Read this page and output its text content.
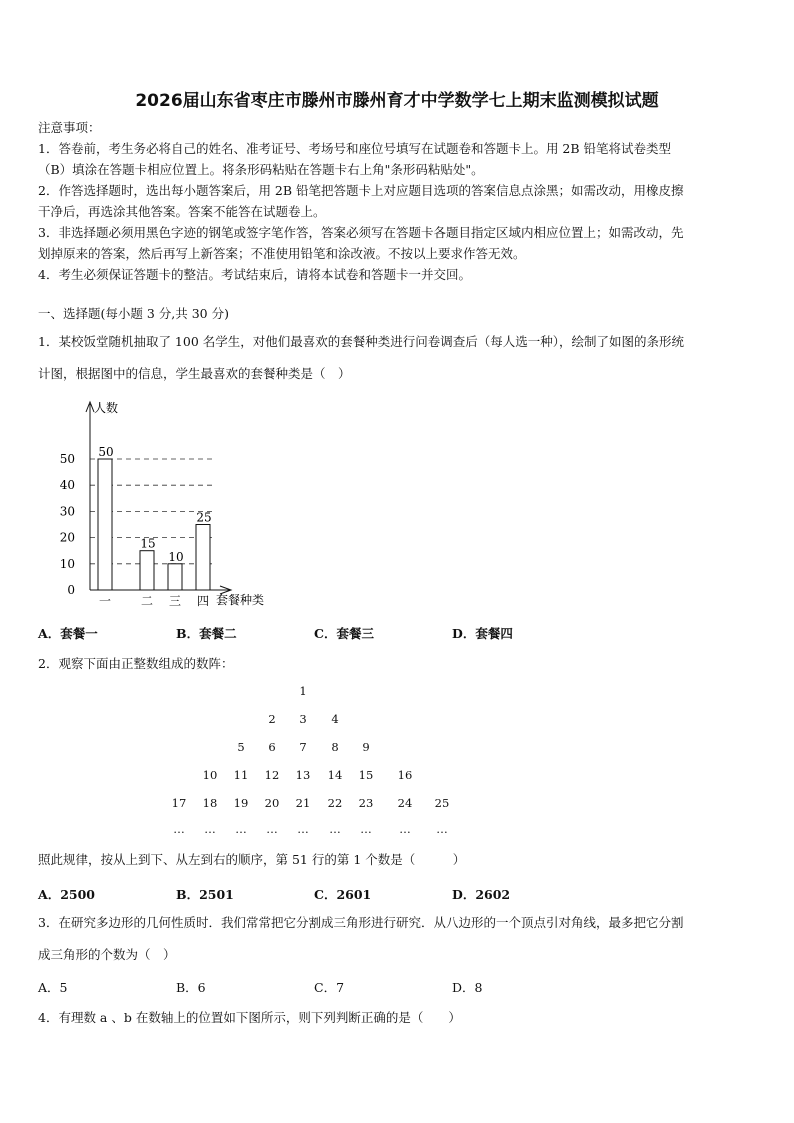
2026届山东省枣庄市滕州市滕州育才中学数学七上期末监测模拟试题
注意事项：
1．答卷前，考生务必将自己的姓名、准考证号、考场号和座位号填写在试题卷和答题卡上。用 2B 铅笔将试卷类型
（B）填涂在答题卡相应位置上。将条形码粘贴在答题卡右上角"条形码粘贴处"。
2．作答选择题时，选出每小题答案后，用 2B 铅笔把答题卡上对应题目选项的答案信息点涂黑；如需改动，用橡皮擦
干净后，再选涂其他答案。答案不能答在试题卷上。
3．非选择题必须用黑色字迹的钢笔或签字笔作答，答案必须写在答题卡各题目指定区域内相应位置上；如需改动，先
划掉原来的答案，然后再写上新答案；不准使用铅笔和涂改液。不按以上要求作答无效。
4．考生必须保证答题卡的整洁。考试结束后，请将本试卷和答题卡一并交回。
一、选择题(每小题 3 分,共 30 分)
1．某校饭堂随机抽取了 100 名学生，对他们最喜欢的套餐种类进行问卷调查后（每人选一种），绘制了如图的条形统
计图，根据图中的信息，学生最喜欢的套餐种类是（　）
0
10
20
30
40
50
人数
套餐种类
50
一
15
二
10
三
25
四
A．套餐一	B．套餐二	C．套餐三	D．套餐四
2．观察下面由正整数组成的数阵：
1
2	3	4
5	6	7	8	9
10	11	12	13	14	15	16
17	18	19	20	21	22	23	24	25
…	…	…	…	…	…	…	…	…
照此规律，按从上到下、从左到右的顺序，第 51 行的第 1 个数是（　　　）
A．2500	B．2501	C．2601	D．2602
3．在研究多边形的几何性质时．我们常常把它分割成三角形进行研究．从八边形的一个顶点引对角线，最多把它分割
成三角形的个数为（　）
A．5	B．6	C．7	D．8
4．有理数 a 、b 在数轴上的位置如下图所示，则下列判断正确的是（　　）
